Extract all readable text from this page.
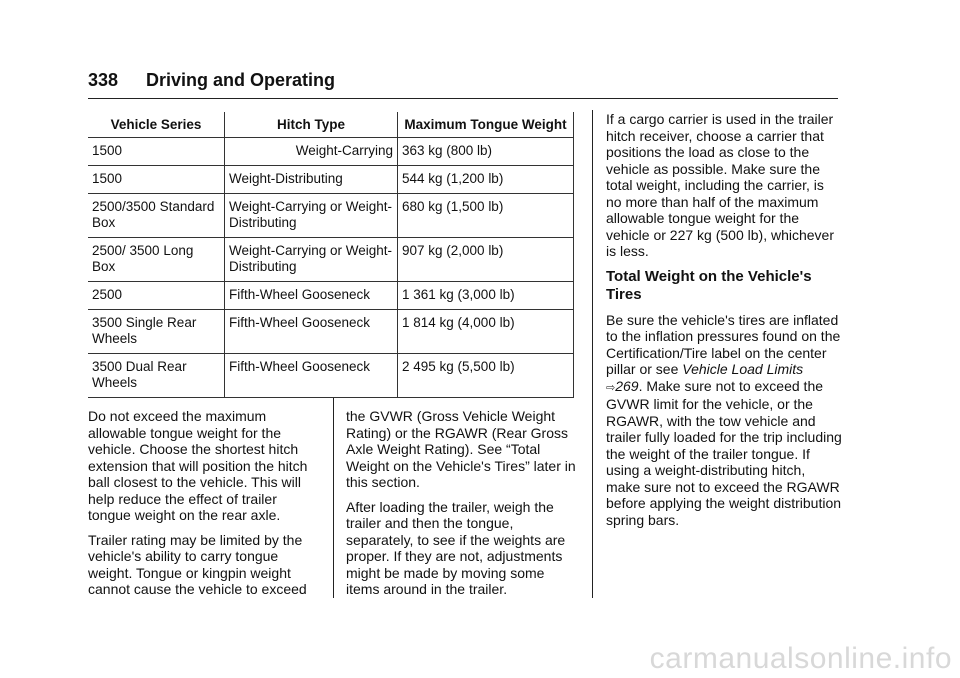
338 Driving and Operating
Vehicle Series	Hitch Type	Maximum Tongue Weight
1500	Weight-Carrying	363 kg (800 lb)
1500	Weight-Distributing	544 kg (1,200 lb)
2500/3500 Standard Box	Weight-Carrying or Weight-Distributing	680 kg (1,500 lb)
2500/ 3500 Long Box	Weight-Carrying or Weight-Distributing	907 kg (2,000 lb)
2500	Fifth-Wheel Gooseneck	1 361 kg (3,000 lb)
3500 Single Rear Wheels	Fifth-Wheel Gooseneck	1 814 kg (4,000 lb)
3500 Dual Rear Wheels	Fifth-Wheel Gooseneck	2 495 kg (5,500 lb)

Do not exceed the maximum allowable tongue weight for the vehicle. Choose the shortest hitch extension that will position the hitch ball closest to the vehicle. This will help reduce the effect of trailer tongue weight on the rear axle.

Trailer rating may be limited by the vehicle's ability to carry tongue weight. Tongue or kingpin weight cannot cause the vehicle to exceed

the GVWR (Gross Vehicle Weight Rating) or the RGAWR (Rear Gross Axle Weight Rating). See “Total Weight on the Vehicle's Tires” later in this section.

After loading the trailer, weigh the trailer and then the tongue, separately, to see if the weights are proper. If they are not, adjustments might be made by moving some items around in the trailer.

If a cargo carrier is used in the trailer hitch receiver, choose a carrier that positions the load as close to the vehicle as possible. Make sure the total weight, including the carrier, is no more than half of the maximum allowable tongue weight for the vehicle or 227 kg (500 lb), whichever is less.

Total Weight on the Vehicle's Tires

Be sure the vehicle's tires are inflated to the inflation pressures found on the Certification/Tire label on the center pillar or see Vehicle Load Limits ⇨269. Make sure not to exceed the GVWR limit for the vehicle, or the RGAWR, with the tow vehicle and trailer fully loaded for the trip including the weight of the trailer tongue. If using a weight-distributing hitch, make sure not to exceed the RGAWR before applying the weight distribution spring bars.

carmanualsonline.info
